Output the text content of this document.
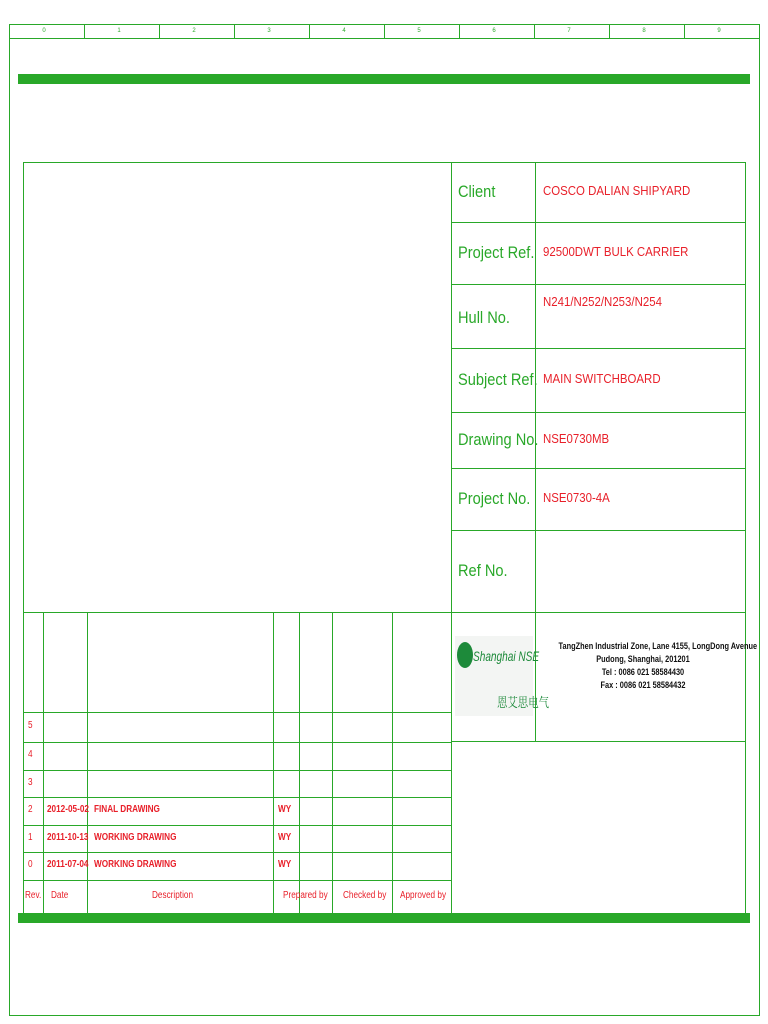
0	1	2	3	4	5	6	7	8	9
Client	COSCO DALIAN SHIPYARD
Project Ref. 92500DWT BULK CARRIER
Hull No.
N241/N252/N253/N254
Subject Ref. MAIN SWITCHBOARD
Drawing No. NSE0730MB
Project No. NSE0730-4A
Ref No.
5
4
3
2 2012-05-02 FINAL DRAWING	WY
1 2011-10-13 WORKING DRAWING	WY
0 2011-07-04 WORKING DRAWING	WY
Rev. Date	Description	Prepared by Checked by Approved by
Shanghai NSE
恩艾思电气
TangZhen Industrial Zone, Lane 4155, LongDong Avenue
Pudong, Shanghai, 201201
Tel : 0086 021 58584430
Fax : 0086 021 58584432
